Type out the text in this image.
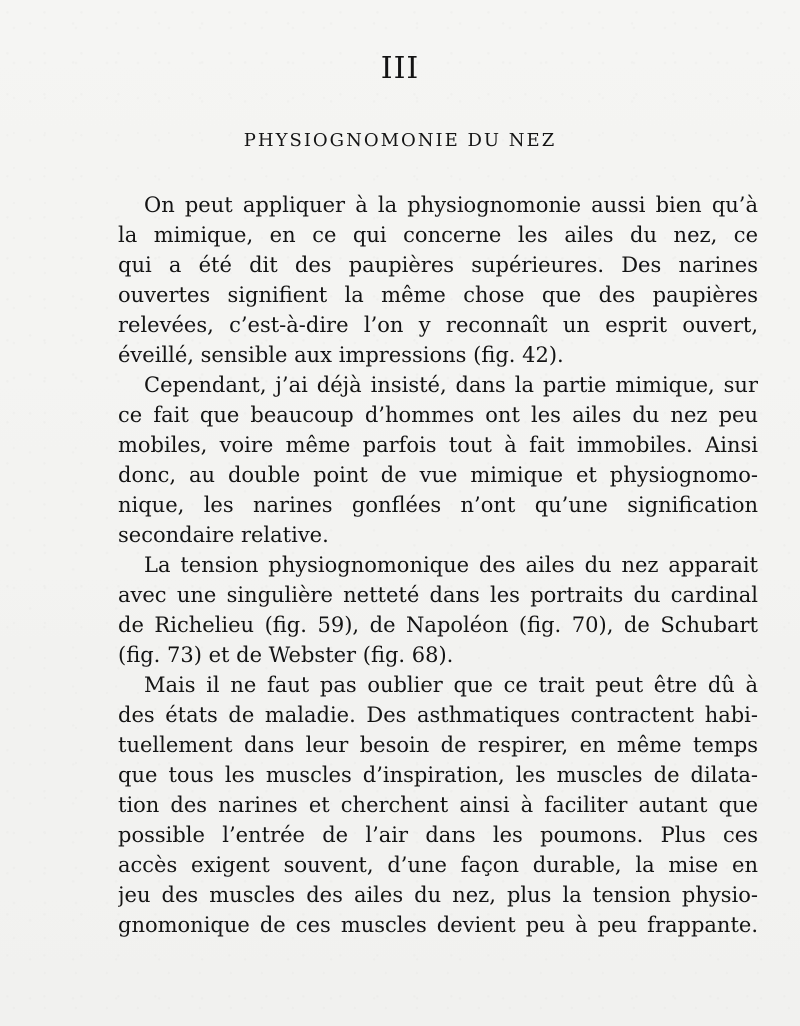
III
PHYSIOGNOMONIE DU NEZ
On peut appliquer à la physiognomonie aussi bien qu’à
la mimique, en ce qui concerne les ailes du nez, ce
qui a été dit des paupières supérieures. Des narines
ouvertes signifient la même chose que des paupières
relevées, c’est-à-dire l’on y reconnaît un esprit ouvert,
éveillé, sensible aux impressions (fig. 42).
Cependant, j’ai déjà insisté, dans la partie mimique, sur
ce fait que beaucoup d’hommes ont les ailes du nez peu
mobiles, voire même parfois tout à fait immobiles. Ainsi
donc, au double point de vue mimique et physiognomo-
nique, les narines gonflées n’ont qu’une signification
secondaire relative.
La tension physiognomonique des ailes du nez apparait
avec une singulière netteté dans les portraits du cardinal
de Richelieu (fig. 59), de Napoléon (fig. 70), de Schubart
(fig. 73) et de Webster (fig. 68).
Mais il ne faut pas oublier que ce trait peut être dû à
des états de maladie. Des asthmatiques contractent habi-
tuellement dans leur besoin de respirer, en même temps
que tous les muscles d’inspiration, les muscles de dilata-
tion des narines et cherchent ainsi à faciliter autant que
possible l’entrée de l’air dans les poumons. Plus ces
accès exigent souvent, d’une façon durable, la mise en
jeu des muscles des ailes du nez, plus la tension physio-
gnomonique de ces muscles devient peu à peu frappante.
